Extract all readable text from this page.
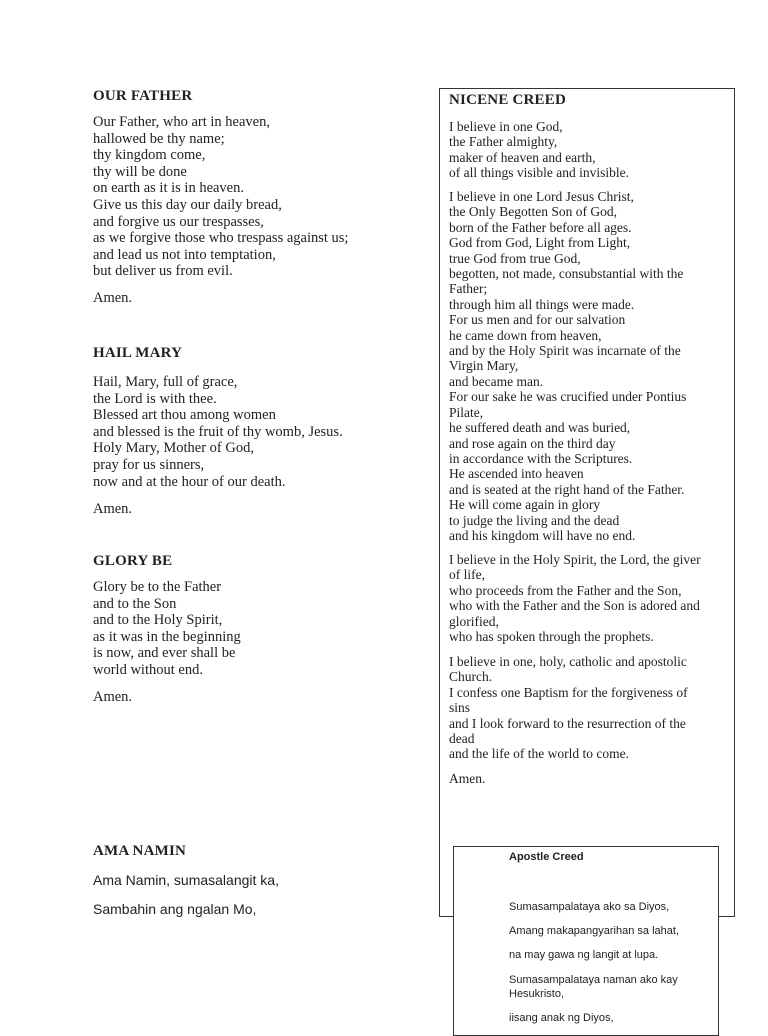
OUR FATHER
Our Father, who art in heaven,
hallowed be thy name;
thy kingdom come,
thy will be done
on earth as it is in heaven.
Give us this day our daily bread,
and forgive us our trespasses,
as we forgive those who trespass against us;
and lead us not into temptation,
but deliver us from evil.
Amen.
HAIL MARY
Hail, Mary, full of grace,
the Lord is with thee.
Blessed art thou among women
and blessed is the fruit of thy womb, Jesus.
Holy Mary, Mother of God,
pray for us sinners,
now and at the hour of our death.
Amen.
GLORY BE
Glory be to the Father
and to the Son
and to the Holy Spirit,
as it was in the beginning
is now, and ever shall be
world without end.
Amen.
NICENE CREED
I believe in one God,
the Father almighty,
maker of heaven and earth,
of all things visible and invisible.
I believe in one Lord Jesus Christ,
the Only Begotten Son of God,
born of the Father before all ages.
God from God, Light from Light,
true God from true God,
begotten, not made, consubstantial with the
Father;
through him all things were made.
For us men and for our salvation
he came down from heaven,
and by the Holy Spirit was incarnate of the
Virgin Mary,
and became man.
For our sake he was crucified under Pontius
Pilate,
he suffered death and was buried,
and rose again on the third day
in accordance with the Scriptures.
He ascended into heaven
and is seated at the right hand of the Father.
He will come again in glory
to judge the living and the dead
and his kingdom will have no end.
I believe in the Holy Spirit, the Lord, the giver
of life,
who proceeds from the Father and the Son,
who with the Father and the Son is adored and
glorified,
who has spoken through the prophets.
I believe in one, holy, catholic and apostolic
Church.
I confess one Baptism for the forgiveness of
sins
and I look forward to the resurrection of the
dead
and the life of the world to come.
Amen.
AMA NAMIN
Ama Namin, sumasalangit ka,
Sambahin ang ngalan Mo,
Apostle Creed
Sumasampalataya ako sa Diyos,
Amang makapangyarihan sa lahat,
na may gawa ng langit at lupa.
Sumasampalataya naman ako kay
Hesukristo,
iisang anak ng Diyos,
